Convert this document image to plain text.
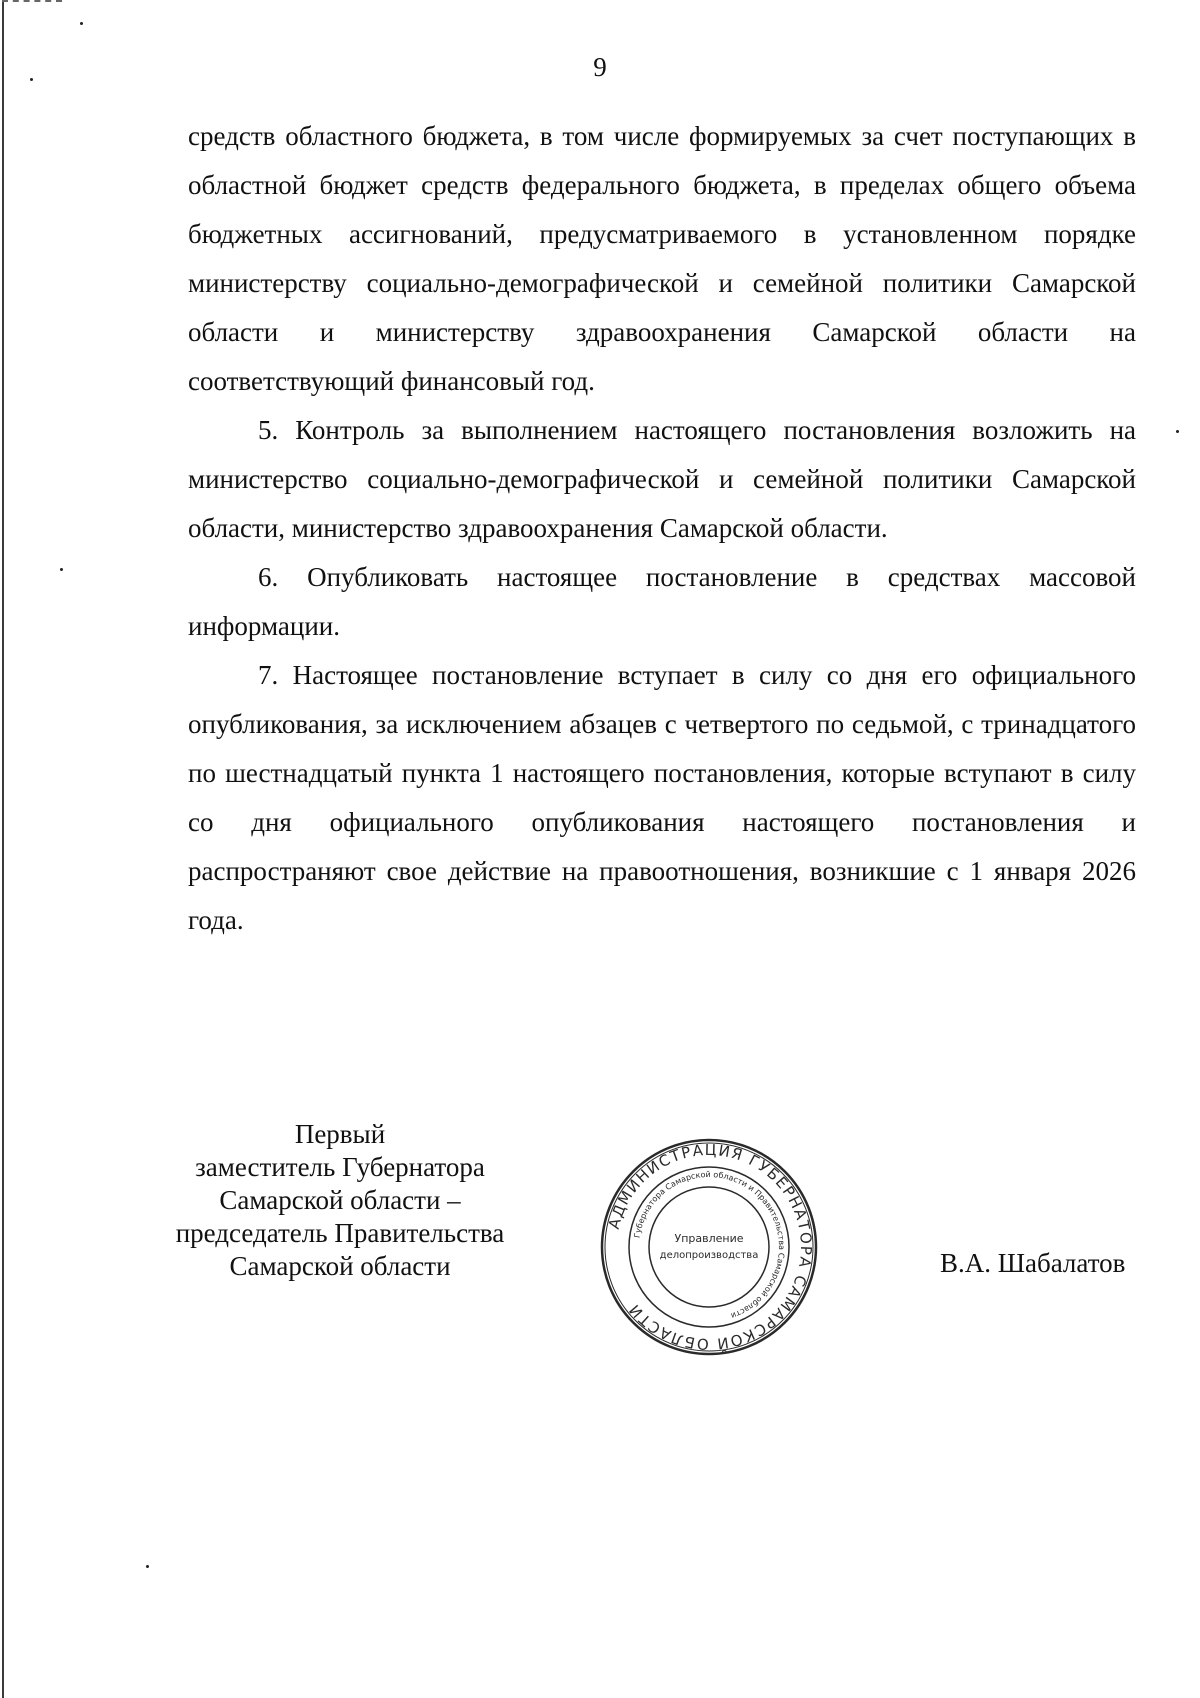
9

средств областного бюджета, в том числе формируемых за счет поступающих в областной бюджет средств федерального бюджета, в пределах общего объема бюджетных ассигнований, предусматриваемого в установленном порядке министерству социально-демографической и семейной политики Самарской области и министерству здравоохранения Самарской области на соответствующий финансовый год.

5. Контроль за выполнением настоящего постановления возложить на министерство социально-демографической и семейной политики Самарской области, министерство здравоохранения Самарской области.

6. Опубликовать настоящее постановление в средствах массовой информации.

7. Настоящее постановление вступает в силу со дня его официального опубликования, за исключением абзацев с четвертого по седьмой, с тринадцатого по шестнадцатый пункта 1 настоящего постановления, которые вступают в силу со дня официального опубликования настоящего постановления и распространяют свое действие на правоотношения, возникшие с 1 января 2026 года.

Первый
заместитель Губернатора
Самарской области –
председатель Правительства
Самарской области
АДМИНИСТРАЦИЯ ГУБЕРНАТОРА САМАРСКОЙ ОБЛАСТИ
Губернатора Самарской области и Правительства Самарской области
Управление
делопроизводства	В.А. Шабалатов
